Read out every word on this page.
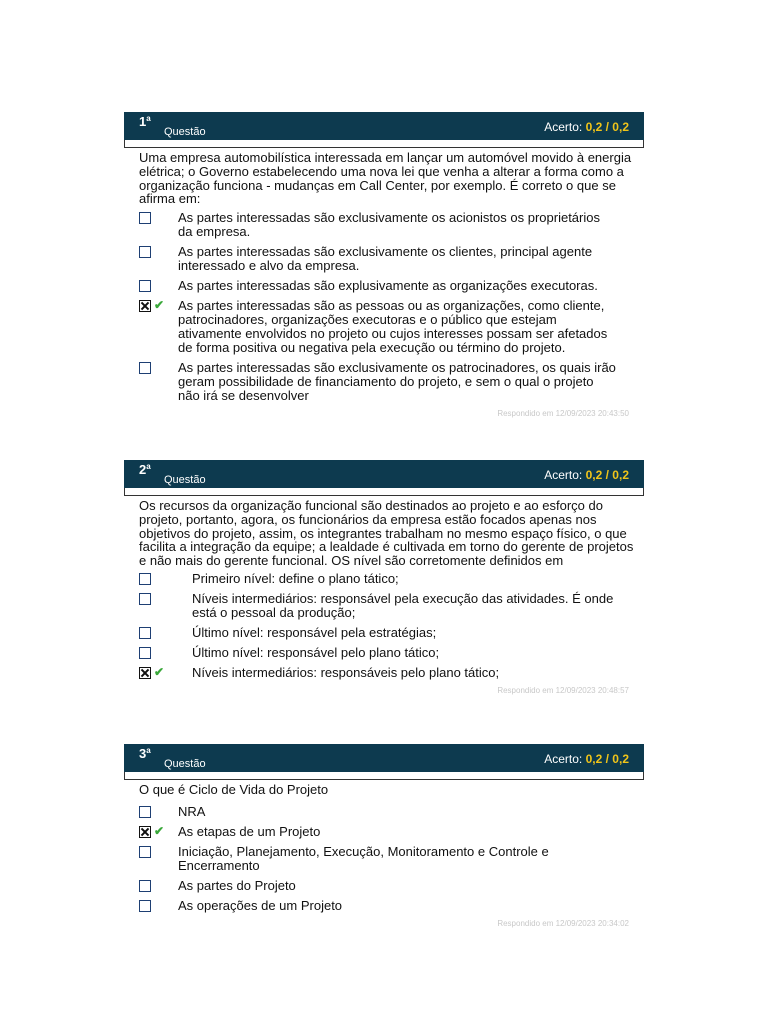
1$^a$
Questão	Acerto: 0,2 / 0,2
Uma empresa automobilística interessada em lançar um automóvel movido à energia elétrica; o Governo estabelecendo uma nova lei que venha a alterar a forma como a organização funciona - mudanças em Call Center, por exemplo. É correto o que se afirma em:
As partes interessadas são exclusivamente os acionistos os proprietários da empresa.
As partes interessadas são exclusivamente os clientes, principal agente interessado e alvo da empresa.
As partes interessadas são explusivamente as organizações executoras.
✔ As partes interessadas são as pessoas ou as organizações, como cliente, patrocinadores, organizações executoras e o público que estejam ativamente envolvidos no projeto ou cujos interesses possam ser afetados de forma positiva ou negativa pela execução ou término do projeto.
As partes interessadas são exclusivamente os patrocinadores, os quais irão geram possibilidade de financiamento do projeto, e sem o qual o projeto não irá se desenvolver
Respondido em 12/09/2023 20:43:50
2$^a$
Questão	Acerto: 0,2 / 0,2
Os recursos da organização funcional são destinados ao projeto e ao esforço do projeto, portanto, agora, os funcionários da empresa estão focados apenas nos objetivos do projeto, assim, os integrantes trabalham no mesmo espaço físico, o que facilita a integração da equipe; a lealdade é cultivada em torno do gerente de projetos e não mais do gerente funcional. OS nível são corretomente definidos em
Primeiro nível: define o plano tático;
Níveis intermediários: responsável pela execução das atividades. É onde está o pessoal da produção;
Último nível: responsável pela estratégias;
Último nível: responsável pelo plano tático;
✔ Níveis intermediários: responsáveis pelo plano tático;
Respondido em 12/09/2023 20:48:57
3$^a$
Questão	Acerto: 0,2 / 0,2
O que é Ciclo de Vida do Projeto
NRA
✔ As etapas de um Projeto
Iniciação, Planejamento, Execução, Monitoramento e Controle e Encerramento
As partes do Projeto
As operações de um Projeto
Respondido em 12/09/2023 20:34:02
